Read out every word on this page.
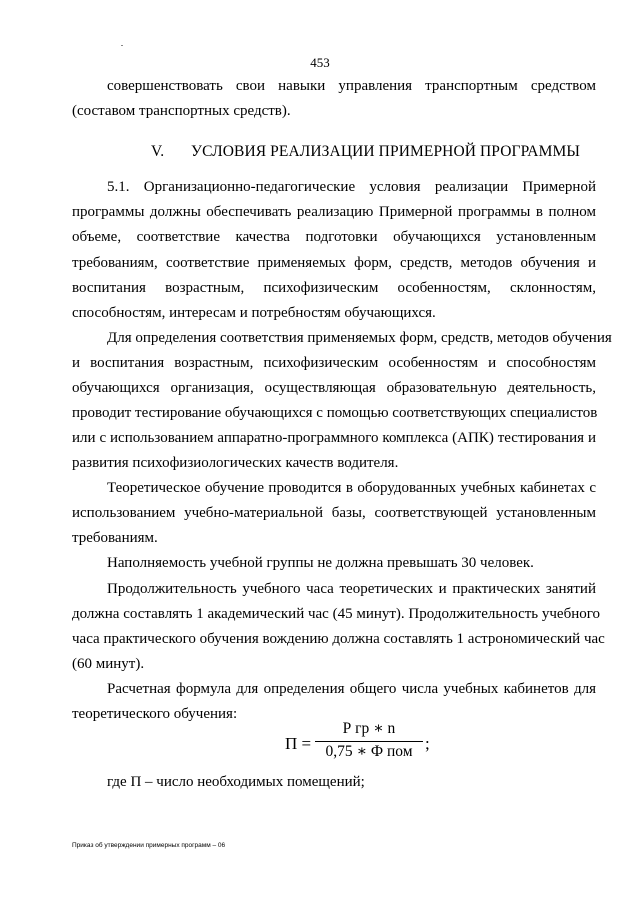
453
совершенствовать свои навыки управления транспортным средством
(составом транспортных средств).
V. УСЛОВИЯ РЕАЛИЗАЦИИ ПРИМЕРНОЙ ПРОГРАММЫ
5.1. Организационно-педагогические условия реализации Примерной
программы должны обеспечивать реализацию Примерной программы в полном
объеме, соответствие качества подготовки обучающихся установленным
требованиям, соответствие применяемых форм, средств, методов обучения и
воспитания возрастным, психофизическим особенностям, склонностям,
способностям, интересам и потребностям обучающихся.
Для определения соответствия применяемых форм, средств, методов обучения
и воспитания возрастным, психофизическим особенностям и способностям
обучающихся организация, осуществляющая образовательную деятельность,
проводит тестирование обучающихся с помощью соответствующих специалистов
или с использованием аппаратно-программного комплекса (АПК) тестирования и
развития психофизиологических качеств водителя.
Теоретическое обучение проводится в оборудованных учебных кабинетах с
использованием учебно-материальной базы, соответствующей установленным
требованиям.
Наполняемость учебной группы не должна превышать 30 человек.
Продолжительность учебного часа теоретических и практических занятий
должна составлять 1 академический час (45 минут). Продолжительность учебного
часа практического обучения вождению должна составлять 1 астрономический час
(60 минут).
Расчетная формула для определения общего числа учебных кабинетов для
теоретического обучения:
П =
Р гр ∗ n
0,75 ∗ Ф пом ;
где П – число необходимых помещений;
Приказ об утверждении примерных программ – 06
